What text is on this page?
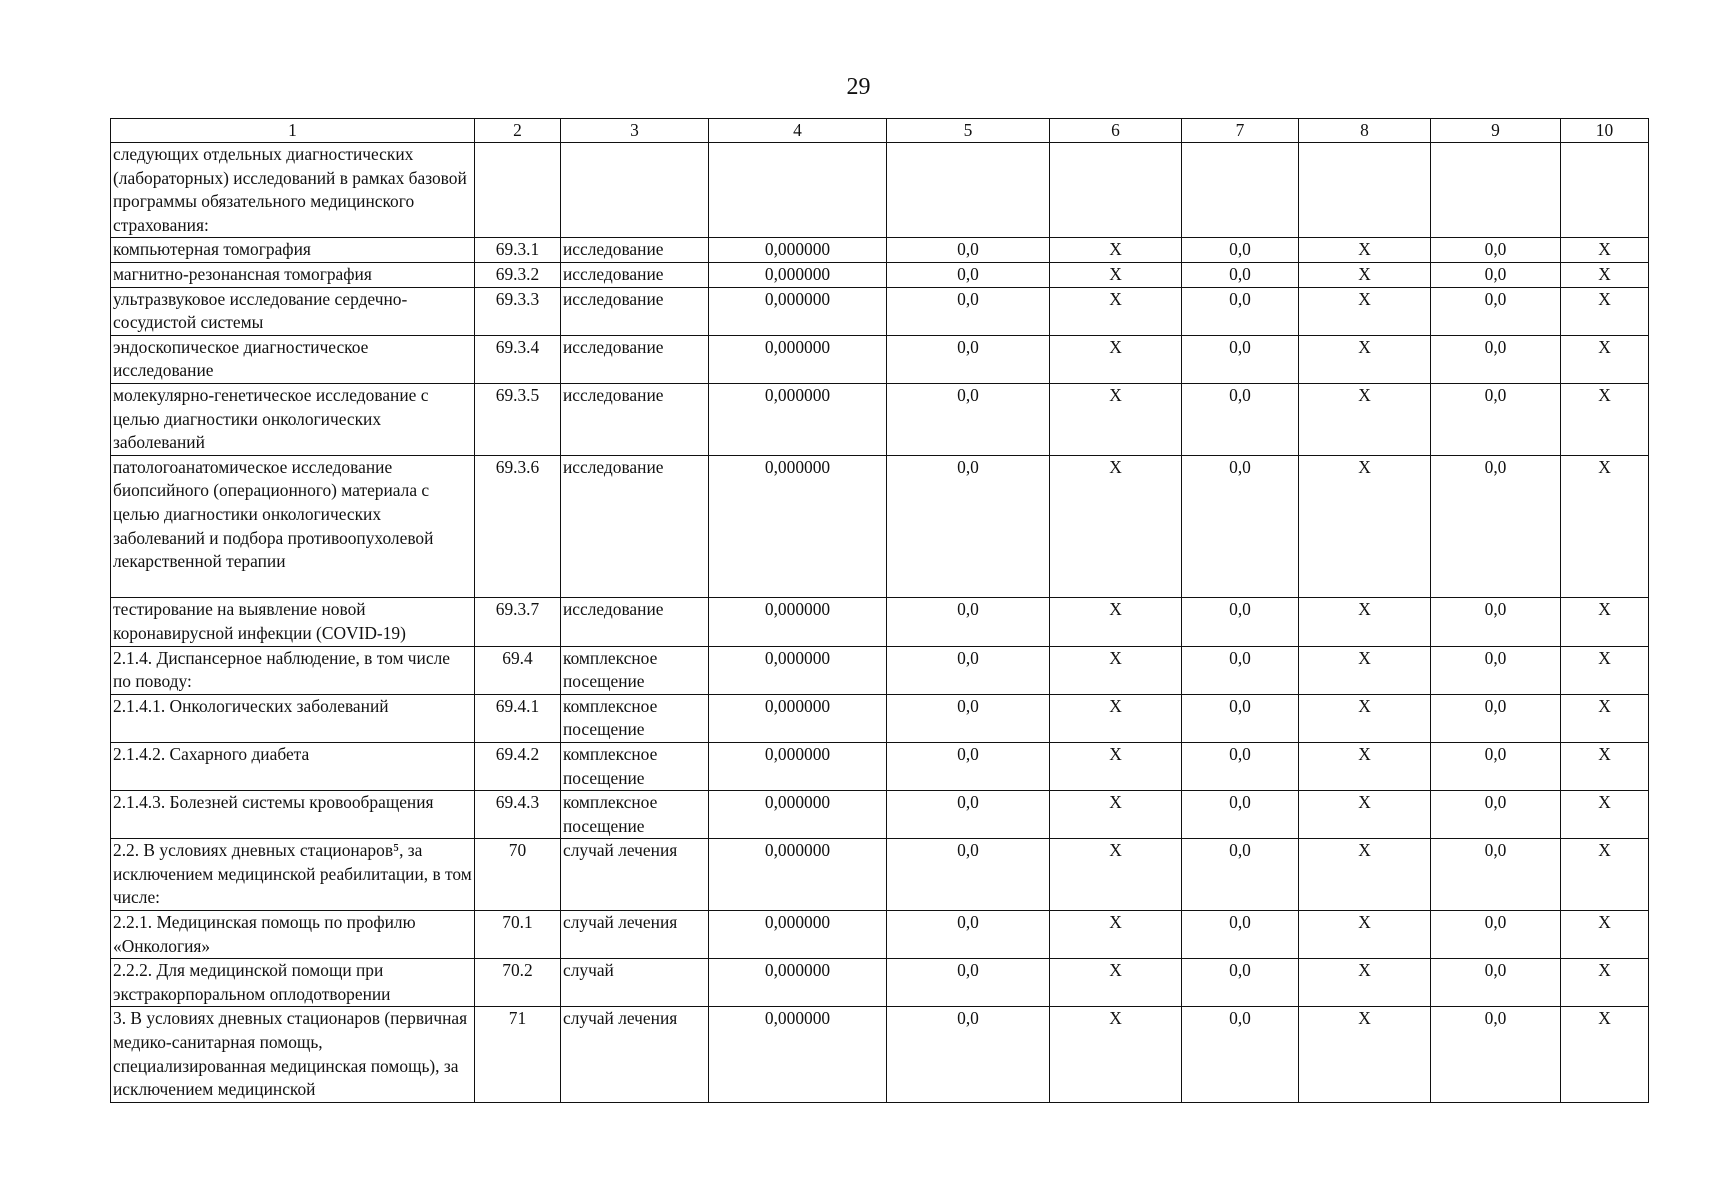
29
1	2	3	4	5	6	7	8	9	10
следующих отдельных диагностических (лабораторных) исследований в рамках базовой программы обязательного медицинского страхования:									
компьютерная томография	69.3.1	исследование	0,000000	0,0	X	0,0	X	0,0	X
магнитно-резонансная томография	69.3.2	исследование	0,000000	0,0	X	0,0	X	0,0	X
ультразвуковое исследование сердечно-сосудистой системы	69.3.3	исследование	0,000000	0,0	X	0,0	X	0,0	X
эндоскопическое диагностическое исследование	69.3.4	исследование	0,000000	0,0	X	0,0	X	0,0	X
молекулярно-генетическое исследование с целью диагностики онкологических заболеваний	69.3.5	исследование	0,000000	0,0	X	0,0	X	0,0	X
патологоанатомическое исследование биопсийного (операционного) материала с целью диагностики онкологических заболеваний и подбора противоопухолевой лекарственной терапии	69.3.6	исследование	0,000000	0,0	X	0,0	X	0,0	X
тестирование на выявление новой коронавирусной инфекции (COVID-19)	69.3.7	исследование	0,000000	0,0	X	0,0	X	0,0	X
2.1.4. Диспансерное наблюдение, в том числе по поводу:	69.4	комплексное посещение	0,000000	0,0	X	0,0	X	0,0	X
2.1.4.1. Онкологических заболеваний	69.4.1	комплексное посещение	0,000000	0,0	X	0,0	X	0,0	X
2.1.4.2. Сахарного диабета	69.4.2	комплексное посещение	0,000000	0,0	X	0,0	X	0,0	X
2.1.4.3. Болезней системы кровообращения	69.4.3	комплексное посещение	0,000000	0,0	X	0,0	X	0,0	X
2.2. В условиях дневных стационаров⁵, за исключением медицинской реабилитации, в том числе:	70	случай лечения	0,000000	0,0	X	0,0	X	0,0	X
2.2.1. Медицинская помощь по профилю «Онкология»	70.1	случай лечения	0,000000	0,0	X	0,0	X	0,0	X
2.2.2. Для медицинской помощи при экстракорпоральном оплодотворении	70.2	случай	0,000000	0,0	X	0,0	X	0,0	X
3. В условиях дневных стационаров (первичная медико-санитарная помощь, специализированная медицинская помощь), за исключением медицинской	71	случай лечения	0,000000	0,0	X	0,0	X	0,0	X
